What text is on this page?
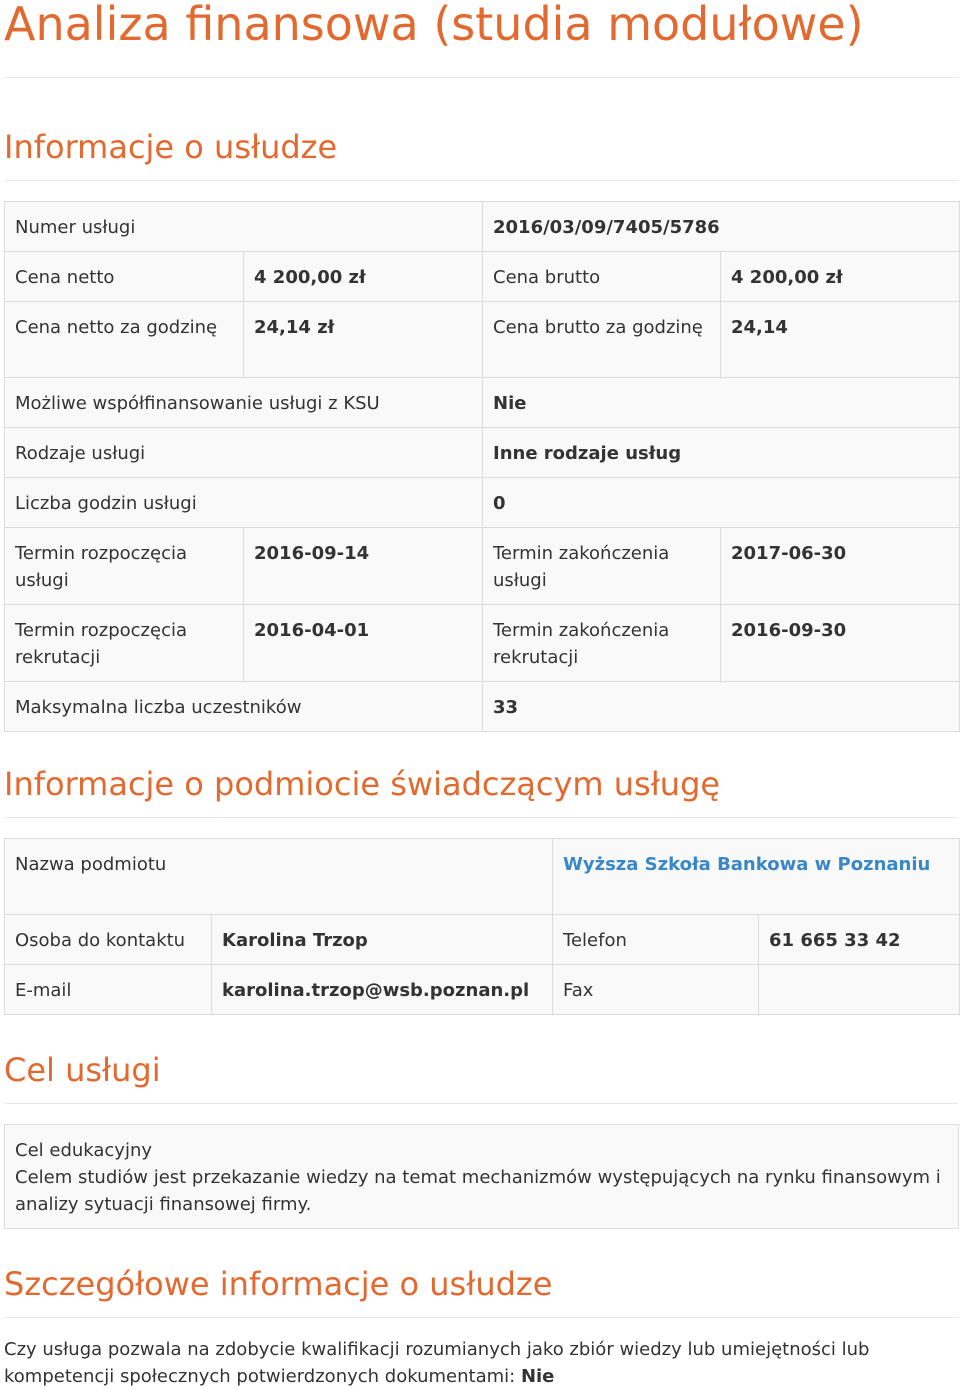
Analiza finansowa (studia modułowe)
Informacje o usłudze
Numer usługi		2016/03/09/7405/5786	
Cena netto	4 200,00 zł	Cena brutto	4 200,00 zł
Cena netto za godzinę	24,14 zł	Cena brutto za godzinę	24,14
Możliwe współfinansowanie usługi z KSU		Nie	
Rodzaje usługi		Inne rodzaje usług	
Liczba godzin usługi		0	
Termin rozpoczęcia usługi	2016-09-14	Termin zakończenia usługi	2017-06-30
Termin rozpoczęcia rekrutacji	2016-04-01	Termin zakończenia rekrutacji	2016-09-30
Maksymalna liczba uczestników		33	
Informacje o podmiocie świadczącym usługę
Nazwa podmiotu		Wyższa Szkoła Bankowa w Poznaniu	
Osoba do kontaktu	Karolina Trzop	Telefon	61 665 33 42
E-mail	karolina.trzop@wsb.poznan.pl	Fax	
Cel usługi
Cel edukacyjny
Celem studiów jest przekazanie wiedzy na temat mechanizmów występujących na rynku finansowym i analizy sytuacji finansowej firmy.
Szczegółowe informacje o usłudze

Czy usługa pozwala na zdobycie kwalifikacji rozumianych jako zbiór wiedzy lub umiejętności lub kompetencji społecznych potwierdzonych dokumentami: Nie
